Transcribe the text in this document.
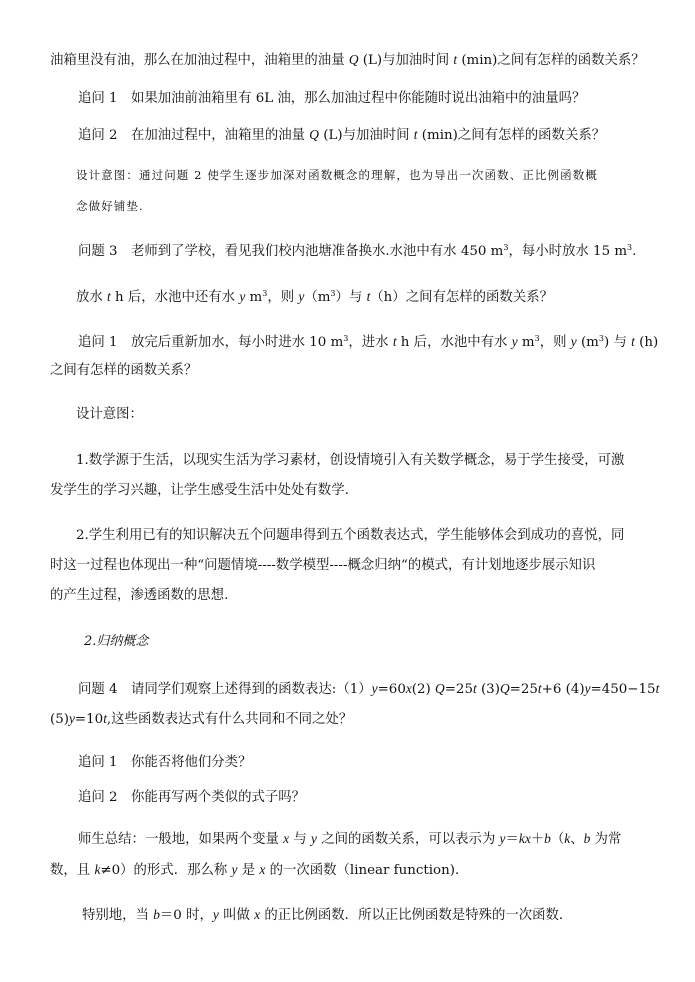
油箱里没有油，那么在加油过程中，油箱里的油量 Q (L)与加油时间 t (min)之间有怎样的函数关系？
追问 1　如果加油前油箱里有 6L 油，那么加油过程中你能随时说出油箱中的油量吗？
追问 2　在加油过程中，油箱里的油量 Q (L)与加油时间 t (min)之间有怎样的函数关系？
设计意图：通过问题 2 使学生逐步加深对函数概念的理解，也为导出一次函数、正比例函数概
念做好铺垫.
问题 3　老师到了学校，看见我们校内池塘准备换水.水池中有水 450 $m^3$，每小时放水 15 $m^3$.
放水 t h 后，水池中还有水 y $m^3$，则 $y(m^3)$与 t（h）之间有怎样的函数关系？
追问 1　放完后重新加水，每小时进水 10 $m^3$，进水 t h 后，水池中有水 y $m^3$，则 y $(m^3)$ 与 t (h)
之间有怎样的函数关系？
设计意图：
1.数学源于生活，以现实生活为学习素材，创设情境引入有关数学概念，易于学生接受，可激
发学生的学习兴趣，让学生感受生活中处处有数学.
2.学生利用已有的知识解决五个问题串得到五个函数表达式，学生能够体会到成功的喜悦，同
时这一过程也体现出一种“问题情境----数学模型----概念归纳“的模式，有计划地逐步展示知识
的产生过程，渗透函数的思想.
2.归纳概念
问题 4　请同学们观察上述得到的函数表达:（1）y=60x(2) Q=25t (3)Q=25t+6 (4)y=450−15t
(5)y=10t,这些函数表达式有什么共同和不同之处？
追问 1　你能否将他们分类？
追问 2　你能再写两个类似的式子吗？
师生总结：一般地，如果两个变量 x 与 y 之间的函数关系，可以表示为 y＝kx＋b（k、b 为常
数，且 k≠0）的形式．那么称 y 是 x 的一次函数（linear function)．
特别地，当 b＝0 时，y 叫做 x 的正比例函数．所以正比例函数是特殊的一次函数．
